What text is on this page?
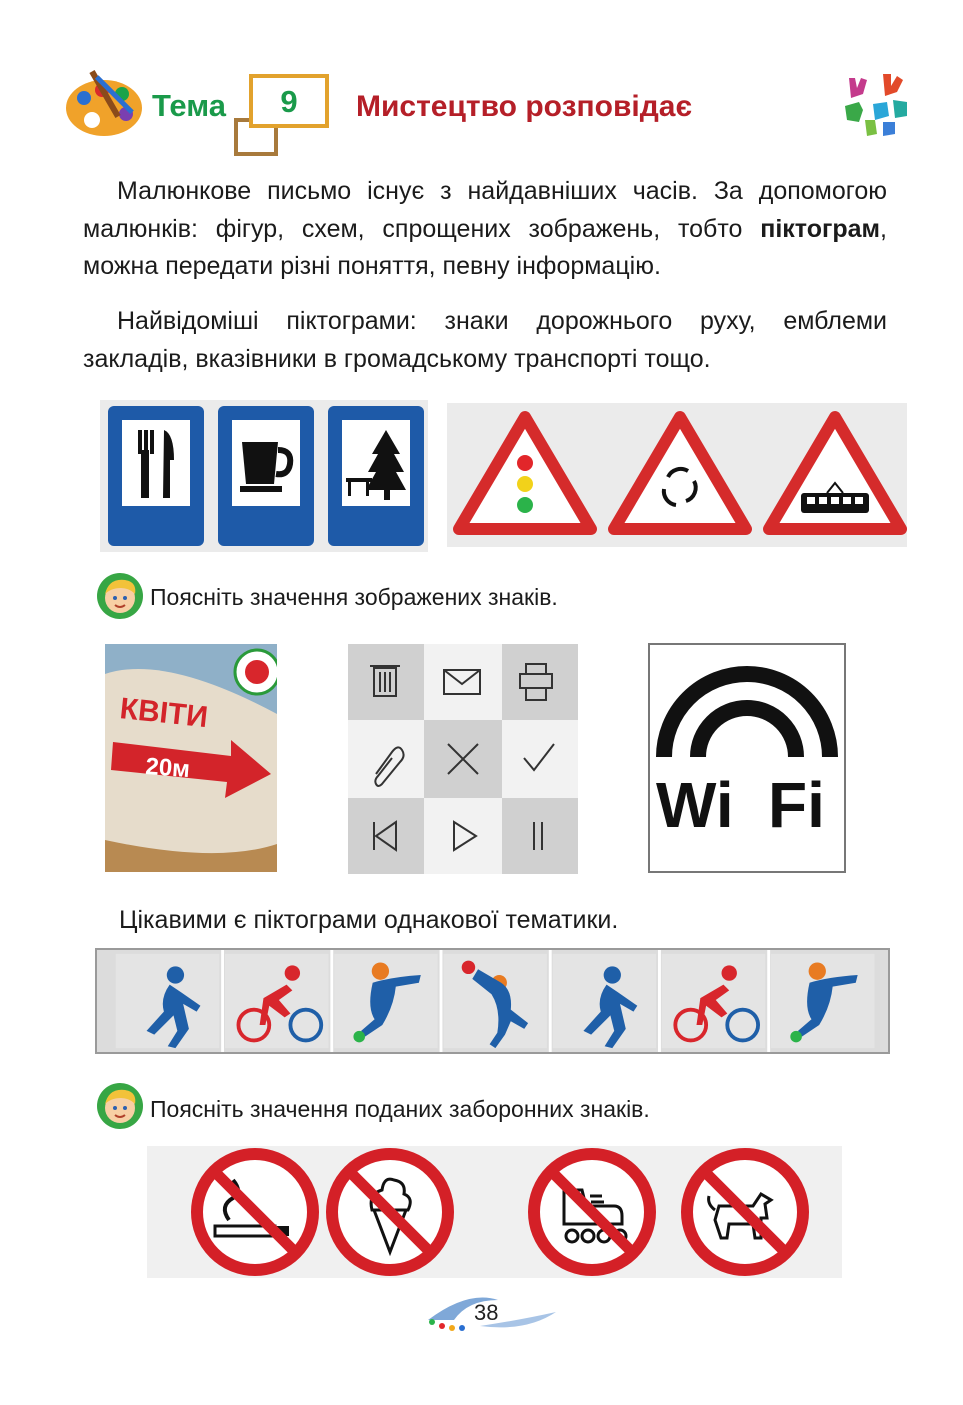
Тема	9	Мистецтво розповідає
Малюнкове письмо існує з найдавніших часів. За допомогою малюнків: фігур, схем, спрощених зображень, тобто піктограм, можна передати різні поняття, певну інформацію.
Найвідоміші піктограми: знаки дорожнього руху, емблеми закладів, вказівники в громадському транспорті тощо.
Поясніть значення зображених знаків.
КВІТИ
20м
Wi Fi
Цікавими є піктограми однакової тематики.
Поясніть значення поданих заборонних знаків.
38
